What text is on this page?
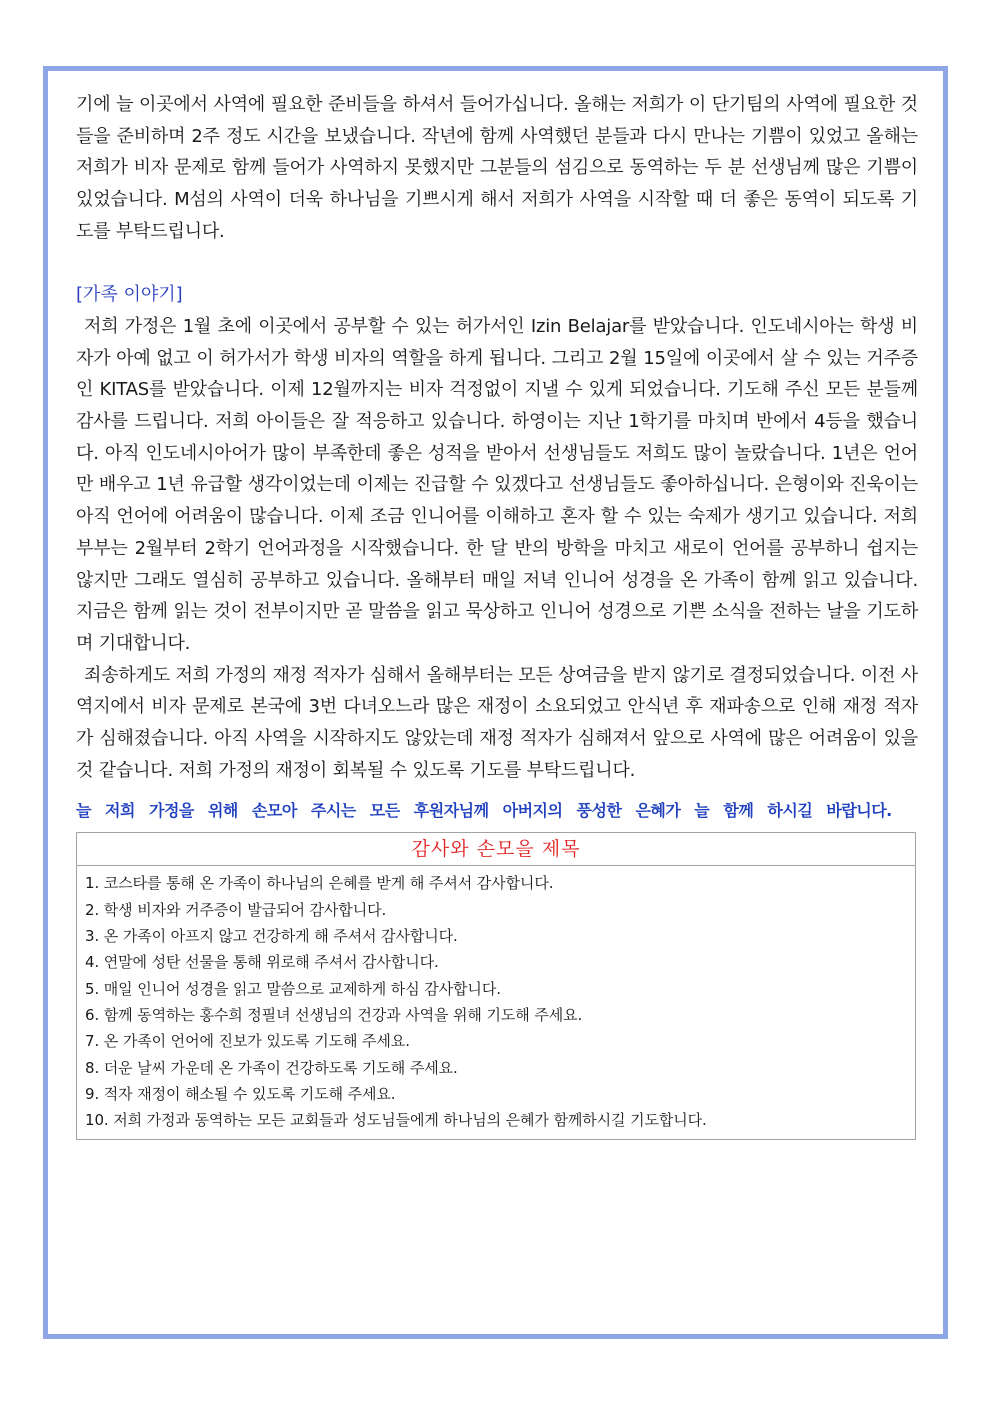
기에 늘 이곳에서 사역에 필요한 준비들을 하셔서 들어가십니다. 올해는 저희가 이 단기팀의 사역에 필요한 것들을 준비하며 2주 정도 시간을 보냈습니다. 작년에 함께 사역했던 분들과 다시 만나는 기쁨이 있었고 올해는 저희가 비자 문제로 함께 들어가 사역하지 못했지만 그분들의 섬김으로 동역하는 두 분 선생님께 많은 기쁨이 있었습니다. M섬의 사역이 더욱 하나님을 기쁘시게 해서 저희가 사역을 시작할 때 더 좋은 동역이 되도록 기도를 부탁드립니다.

[가족 이야기]

저희 가정은 1월 초에 이곳에서 공부할 수 있는 허가서인 Izin Belajar를 받았습니다. 인도네시아는 학생 비자가 아예 없고 이 허가서가 학생 비자의 역할을 하게 됩니다. 그리고 2월 15일에 이곳에서 살 수 있는 거주증인 KITAS를 받았습니다. 이제 12월까지는 비자 걱정없이 지낼 수 있게 되었습니다. 기도해 주신 모든 분들께 감사를 드립니다. 저희 아이들은 잘 적응하고 있습니다. 하영이는 지난 1학기를 마치며 반에서 4등을 했습니다. 아직 인도네시아어가 많이 부족한데 좋은 성적을 받아서 선생님들도 저희도 많이 놀랐습니다. 1년은 언어만 배우고 1년 유급할 생각이었는데 이제는 진급할 수 있겠다고 선생님들도 좋아하십니다. 은형이와 진욱이는 아직 언어에 어려움이 많습니다. 이제 조금 인니어를 이해하고 혼자 할 수 있는 숙제가 생기고 있습니다. 저희 부부는 2월부터 2학기 언어과정을 시작했습니다. 한 달 반의 방학을 마치고 새로이 언어를 공부하니 쉽지는 않지만 그래도 열심히 공부하고 있습니다. 올해부터 매일 저녁 인니어 성경을 온 가족이 함께 읽고 있습니다. 지금은 함께 읽는 것이 전부이지만 곧 말씀을 읽고 묵상하고 인니어 성경으로 기쁜 소식을 전하는 날을 기도하며 기대합니다.

죄송하게도 저희 가정의 재정 적자가 심해서 올해부터는 모든 상여금을 받지 않기로 결정되었습니다. 이전 사역지에서 비자 문제로 본국에 3번 다녀오느라 많은 재정이 소요되었고 안식년 후 재파송으로 인해 재정 적자가 심해졌습니다. 아직 사역을 시작하지도 않았는데 재정 적자가 심해져서 앞으로 사역에 많은 어려움이 있을 것 같습니다. 저희 가정의 재정이 회복될 수 있도록 기도를 부탁드립니다.

늘 저희 가정을 위해 손모아 주시는 모든 후원자님께 아버지의 풍성한 은혜가 늘 함께 하시길 바랍니다.

감사와 손모을 제목
1. 코스타를 통해 온 가족이 하나님의 은혜를 받게 해 주셔서 감사합니다.
2. 학생 비자와 거주증이 발급되어 감사합니다.
3. 온 가족이 아프지 않고 건강하게 해 주셔서 감사합니다.
4. 연말에 성탄 선물을 통해 위로해 주셔서 감사합니다.
5. 매일 인니어 성경을 읽고 말씀으로 교제하게 하심 감사합니다.
6. 함께 동역하는 홍수희 정필녀 선생님의 건강과 사역을 위해 기도해 주세요.
7. 온 가족이 언어에 진보가 있도록 기도해 주세요.
8. 더운 날씨 가운데 온 가족이 건강하도록 기도해 주세요.
9. 적자 재정이 해소될 수 있도록 기도해 주세요.
10. 저희 가정과 동역하는 모든 교회들과 성도님들에게 하나님의 은혜가 함께하시길 기도합니다.
